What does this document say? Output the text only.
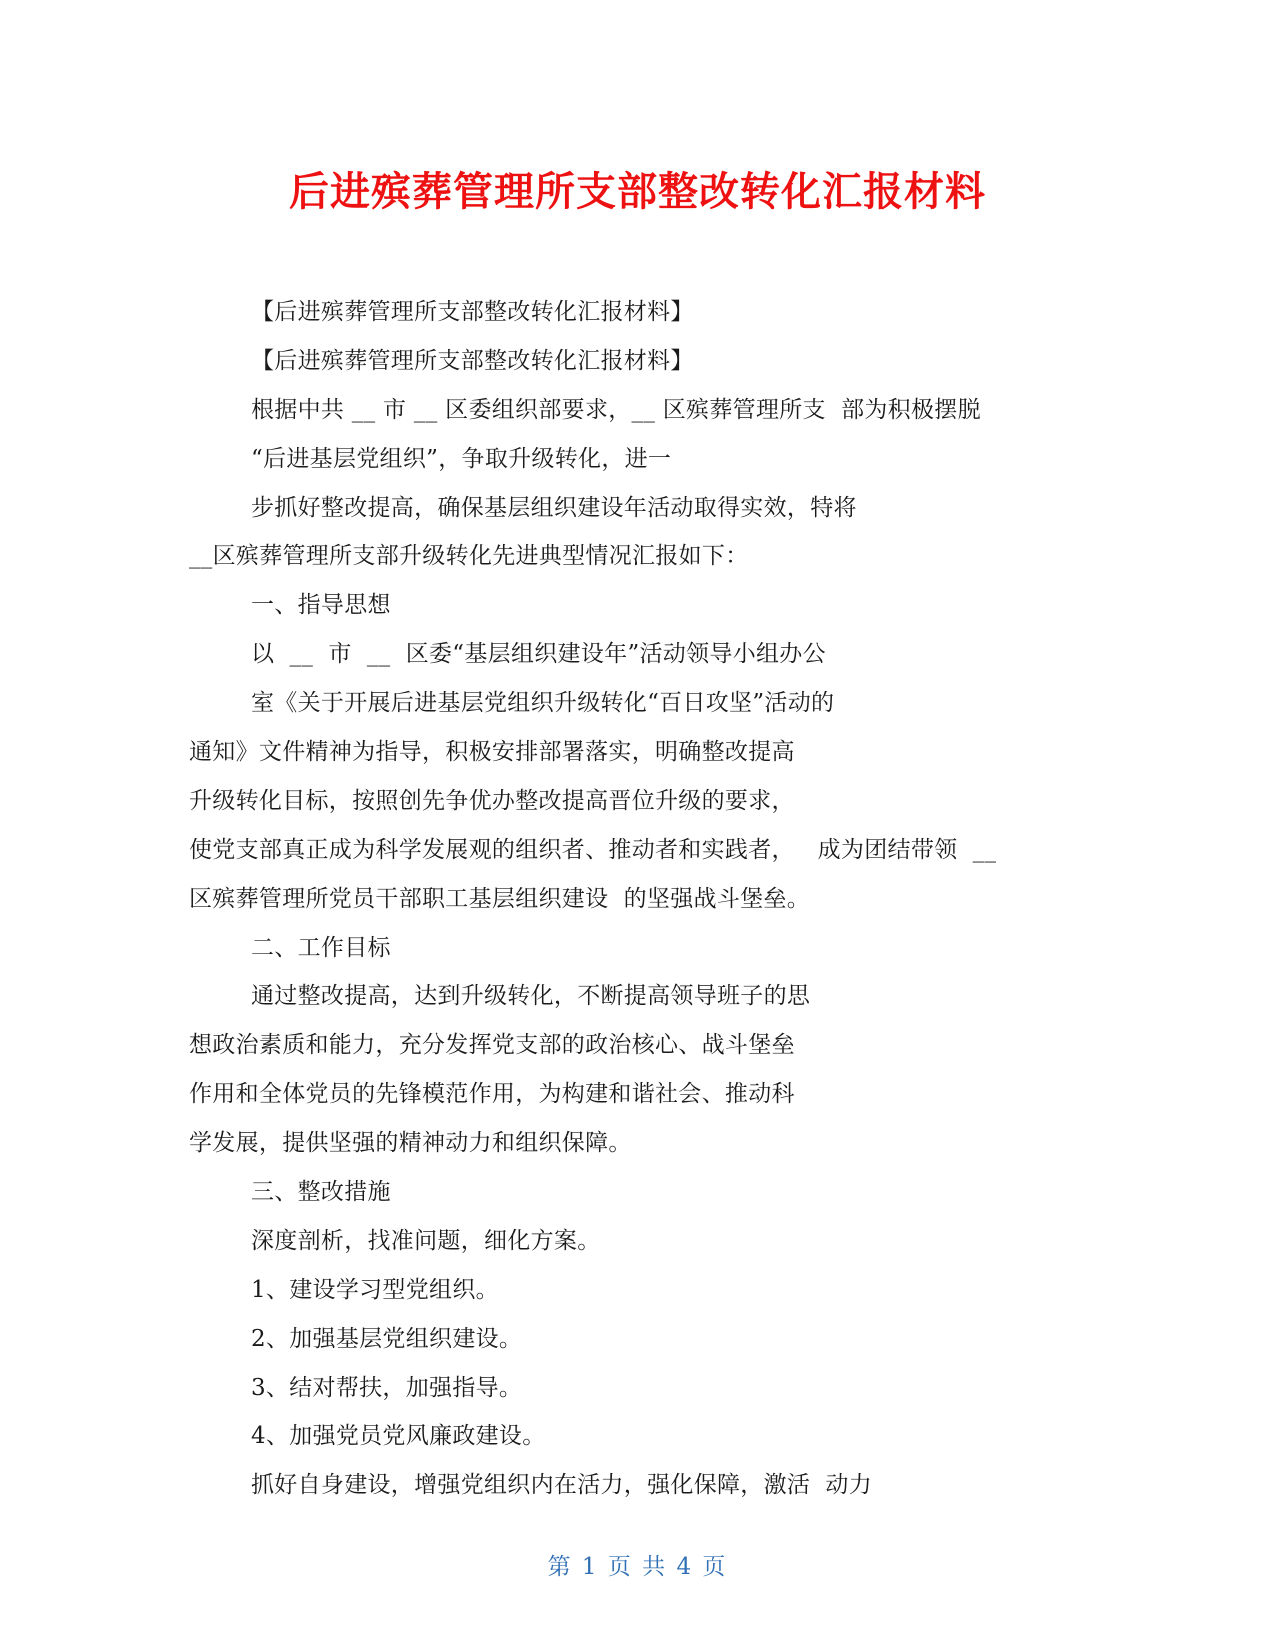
后进殡葬管理所支部整改转化汇报材料
【后进殡葬管理所支部整改转化汇报材料】
【后进殡葬管理所支部整改转化汇报材料】
根据中共 __ 市 __ 区委组织部要求，__ 区殡葬管理所支  部为积极摆脱
“后进基层党组织”，争取升级转化，进一
步抓好整改提高，确保基层组织建设年活动取得实效，特将
__区殡葬管理所支部升级转化先进典型情况汇报如下：
一、指导思想
以  __  市  __  区委“基层组织建设年”活动领导小组办公
室《关于开展后进基层党组织升级转化“百日攻坚”活动的
通知》文件精神为指导，积极安排部署落实，明确整改提高
升级转化目标，按照创先争优办整改提高晋位升级的要求，
使党支部真正成为科学发展观的组织者、推动者和实践者，   成为团结带领  __
区殡葬管理所党员干部职工基层组织建设  的坚强战斗堡垒。
二、工作目标
通过整改提高，达到升级转化，不断提高领导班子的思
想政治素质和能力，充分发挥党支部的政治核心、战斗堡垒
作用和全体党员的先锋模范作用，为构建和谐社会、推动科
学发展，提供坚强的精神动力和组织保障。
三、整改措施
深度剖析，找准问题，细化方案。
1、建设学习型党组织。
2、加强基层党组织建设。
3、结对帮扶，加强指导。
4、加强党员党风廉政建设。
抓好自身建设，增强党组织内在活力，强化保障，激活  动力
第 1 页 共 4 页
